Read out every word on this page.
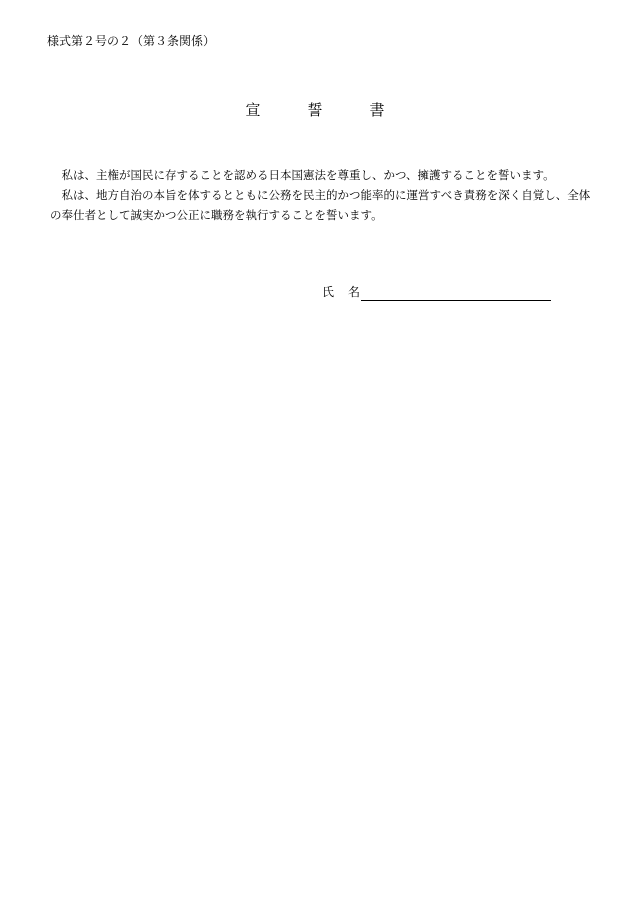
様式第２号の２（第３条関係）
宣	誓	書

私は、主権が国民に存することを認める日本国憲法を尊重し、かつ、擁護することを誓います。

私は、地方自治の本旨を体するとともに公務を民主的かつ能率的に運営すべき責務を深く自覚し、全体
の奉仕者として誠実かつ公正に職務を執行することを誓います。

氏 名
